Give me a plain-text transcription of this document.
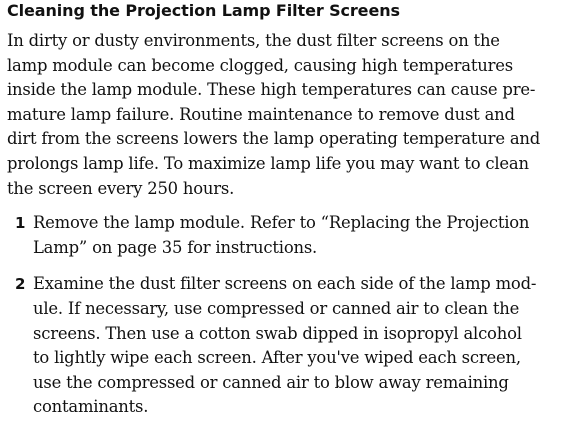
Cleaning the Projection Lamp Filter Screens

In dirty or dusty environments, the dust filter screens on the
lamp module can become clogged, causing high temperatures
inside the lamp module. These high temperatures can cause pre-
mature lamp failure. Routine maintenance to remove dust and
dirt from the screens lowers the lamp operating temperature and
prolongs lamp life. To maximize lamp life you may want to clean
the screen every 250 hours.

1 Remove the lamp module. Refer to “Replacing the Projection
Lamp” on page 35 for instructions.
2 Examine the dust filter screens on each side of the lamp mod-
ule. If necessary, use compressed or canned air to clean the
screens. Then use a cotton swab dipped in isopropyl alcohol
to lightly wipe each screen. After you've wiped each screen,
use the compressed or canned air to blow away remaining
contaminants.
